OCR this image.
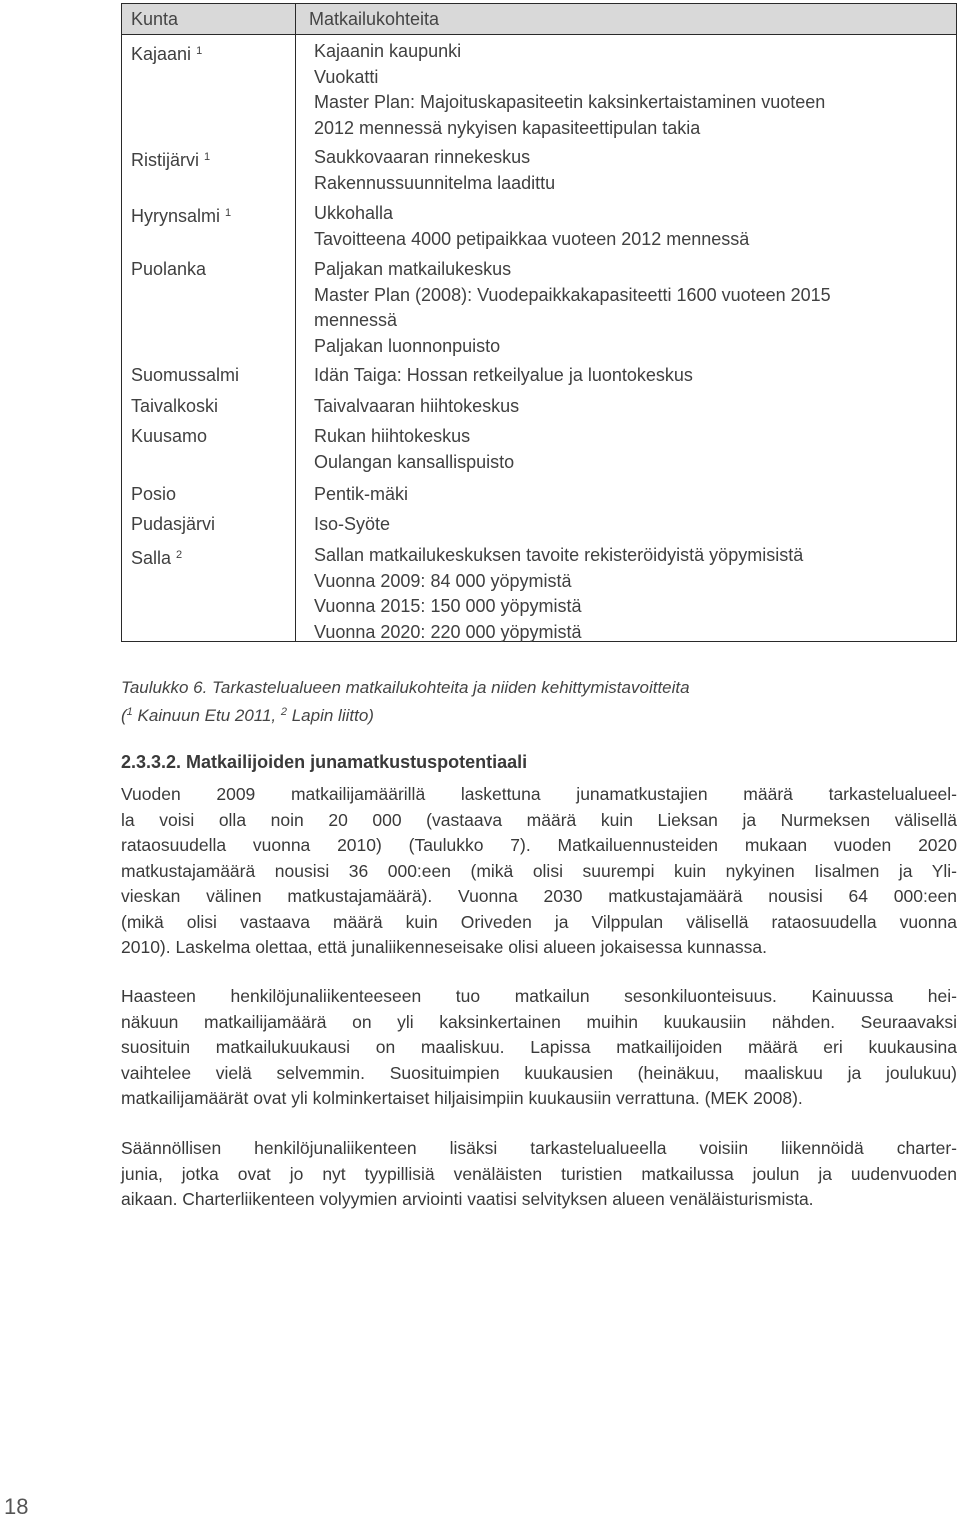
Kunta	Matkailukohteita
Kajaani $^1$	Kajaanin kaupunki
Vuokatti
Master Plan: Majoituskapasiteetin kaksinkertaistaminen vuoteen
2012 mennessä nykyisen kapasiteettipulan takia
Ristijärvi $^1$	Saukkovaaran rinnekeskus
Rakennussuunnitelma laadittu
Hyrynsalmi $^1$	Ukkohalla
Tavoitteena 4000 petipaikkaa vuoteen 2012 mennessä
Puolanka	Paljakan matkailukeskus
Master Plan (2008): Vuodepaikkakapasiteetti 1600 vuoteen 2015
mennessä
Paljakan luonnonpuisto
Suomussalmi	Idän Taiga: Hossan retkeilyalue ja luontokeskus
Taivalkoski	Taivalvaaran hiihtokeskus
Kuusamo	Rukan hiihtokeskus
Oulangan kansallispuisto
Posio	Pentik-mäki
Pudasjärvi	Iso-Syöte
Salla $^2$	Sallan matkailukeskuksen tavoite rekisteröidyistä yöpymisistä
Vuonna 2009: 84 000 yöpymistä
Vuonna 2015: 150 000 yöpymistä
Vuonna 2020: 220 000 yöpymistä
Taulukko 6. Tarkastelualueen matkailukohteita ja niiden kehittymistavoitteita
($^1$ Kainuun Etu 2011, $^2$ Lapin liitto)
2.3.3.2. Matkailijoiden junamatkustuspotentiaali
Vuoden 2009 matkailijamäärillä laskettuna junamatkustajien määrä tarkastelualueel-
la voisi olla noin 20 000 (vastaava määrä kuin Lieksan ja Nurmeksen välisellä
rataosuudella vuonna 2010) (Taulukko 7). Matkailuennusteiden mukaan vuoden 2020
matkustajamäärä nousisi 36 000:een (mikä olisi suurempi kuin nykyinen Iisalmen ja Yli-
vieskan välinen matkustajamäärä). Vuonna 2030 matkustajamäärä nousisi 64 000:een
(mikä olisi vastaava määrä kuin Oriveden ja Vilppulan välisellä rataosuudella vuonna
2010). Laskelma olettaa, että junaliikenneseisake olisi alueen jokaisessa kunnassa.
Haasteen henkilöjunaliikenteeseen tuo matkailun sesonkiluonteisuus. Kainuussa hei-
näkuun matkailijamäärä on yli kaksinkertainen muihin kuukausiin nähden. Seuraavaksi
suosituin matkailukuukausi on maaliskuu. Lapissa matkailijoiden määrä eri kuukausina
vaihtelee vielä selvemmin. Suosituimpien kuukausien (heinäkuu, maaliskuu ja joulukuu)
matkailijamäärät ovat yli kolminkertaiset hiljaisimpiin kuukausiin verrattuna. (MEK 2008).
Säännöllisen henkilöjunaliikenteen lisäksi tarkastelualueella voisiin liikennöidä charter-
junia, jotka ovat jo nyt tyypillisiä venäläisten turistien matkailussa joulun ja uudenvuoden
aikaan. Charterliikenteen volyymien arviointi vaatisi selvityksen alueen venäläisturismista.
18
